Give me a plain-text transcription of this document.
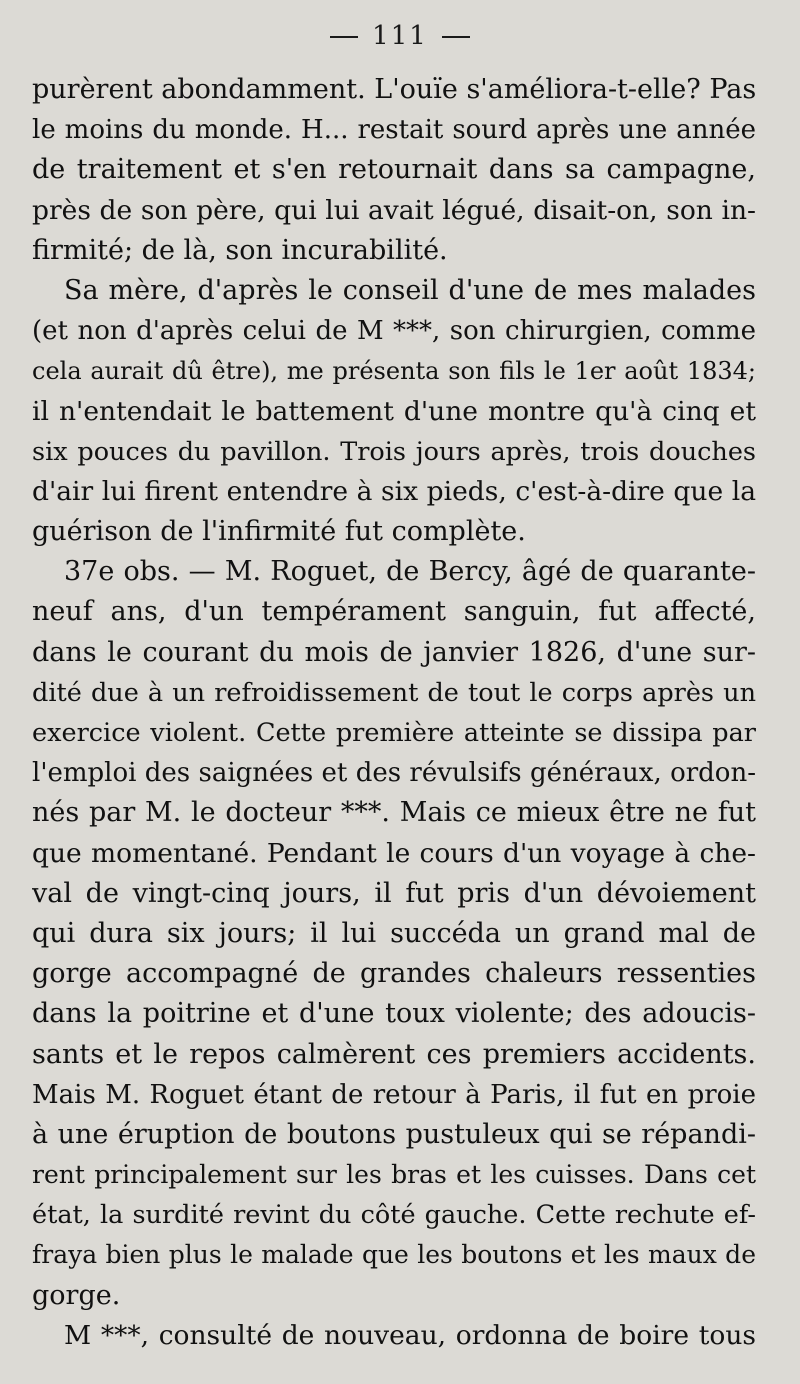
111
purèrent abondamment. L'ouïe s'améliora-t-elle? Pas
le moins du monde. H... restait sourd après une année
de traitement et s'en retournait dans sa campagne,
près de son père, qui lui avait légué, disait-on, son in-
firmité; de là, son incurabilité.
Sa mère, d'après le conseil d'une de mes malades
(et non d'après celui de M ***, son chirurgien, comme
cela aurait dû être), me présenta son fils le 1er août 1834;
il n'entendait le battement d'une montre qu'à cinq et
six pouces du pavillon. Trois jours après, trois douches
d'air lui firent entendre à six pieds, c'est-à-dire que la
guérison de l'infirmité fut complète.
37e obs. — M. Roguet, de Bercy, âgé de quarante-
neuf ans, d'un tempérament sanguin, fut affecté,
dans le courant du mois de janvier 1826, d'une sur-
dité due à un refroidissement de tout le corps après un
exercice violent. Cette première atteinte se dissipa par
l'emploi des saignées et des révulsifs généraux, ordon-
nés par M. le docteur ***. Mais ce mieux être ne fut
que momentané. Pendant le cours d'un voyage à che-
val de vingt-cinq jours, il fut pris d'un dévoiement
qui dura six jours; il lui succéda un grand mal de
gorge accompagné de grandes chaleurs ressenties
dans la poitrine et d'une toux violente; des adoucis-
sants et le repos calmèrent ces premiers accidents.
Mais M. Roguet étant de retour à Paris, il fut en proie
à une éruption de boutons pustuleux qui se répandi-
rent principalement sur les bras et les cuisses. Dans cet
état, la surdité revint du côté gauche. Cette rechute ef-
fraya bien plus le malade que les boutons et les maux de
gorge.
M ***, consulté de nouveau, ordonna de boire tous
